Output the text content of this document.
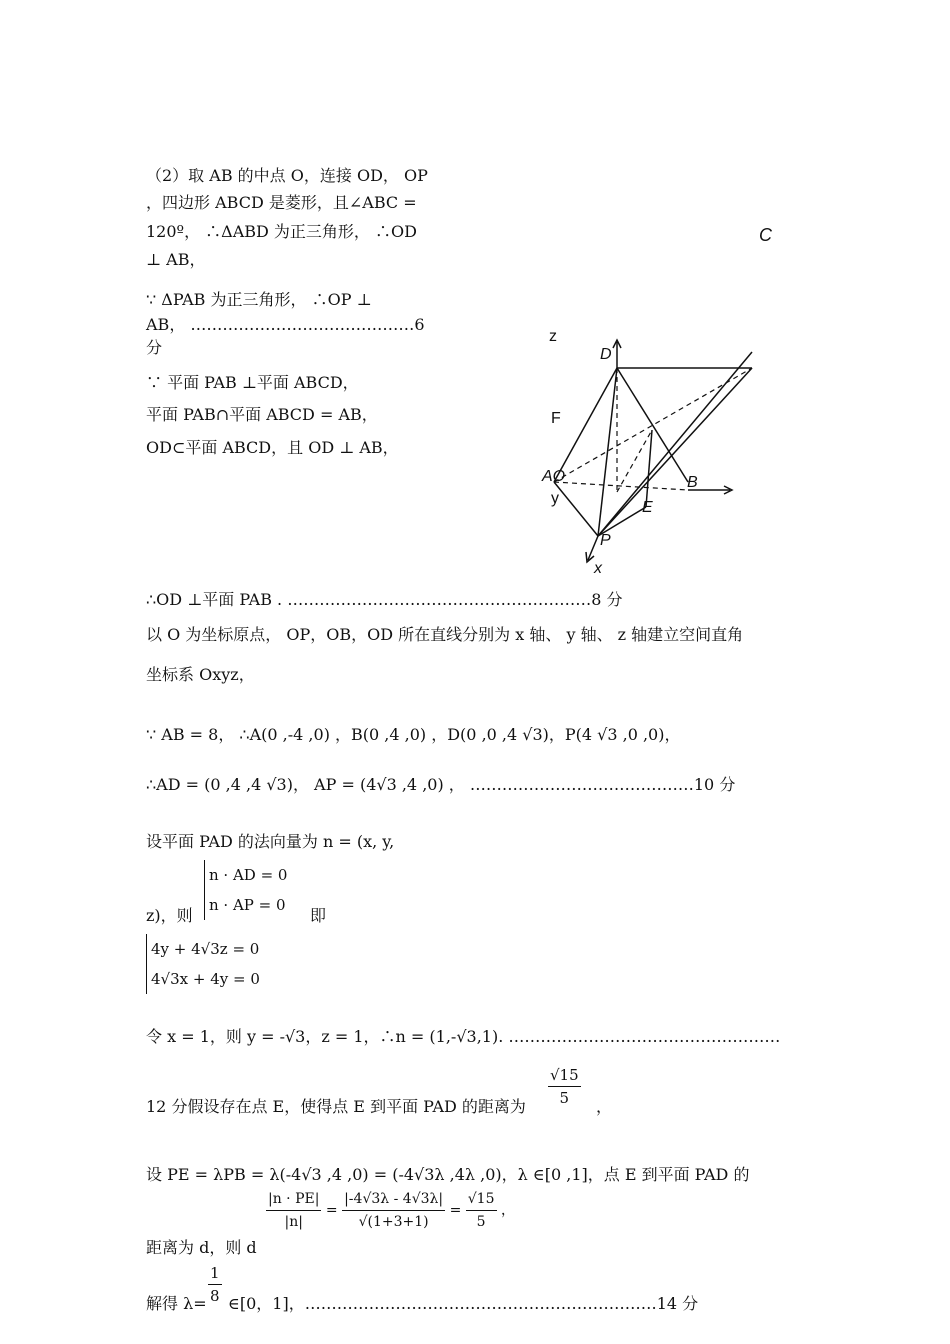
（2）取 AB 的中点 O，连接 OD， OP
，四边形 ABCD 是菱形，且∠ABC =
120º， ∴ΔABD 为正三角形， ∴OD
⊥ AB，
∵ ΔPAB 为正三角形， ∴OP ⊥
AB， ……………………………………6
分
∵ 平面 PAB ⊥平面 ABCD，
平面 PAB∩平面 ABCD = AB，
OD⊂平面 ABCD，且 OD ⊥ AB，
C
z
D
F
AO
y
E
B
P
x
∴OD ⊥平面 PAB . …………………………………………………8 分
以 O 为坐标原点， OP，OB，OD 所在直线分别为 x 轴、 y 轴、 z 轴建立空间直角
坐标系 Oxyz，
∵ AB = 8， ∴A(0 ,-4 ,0) ，B(0 ,4 ,0) ，D(0 ,0 ,4 √3)，P(4 √3 ,0 ,0)，
∴AD = (0 ,4 ,4 √3)， AP = (4√3 ,4 ,0) ， ……………………………………10 分
设平面 PAD 的法向量为 n = (x, y,
n · AD = 0
n · AP = 0
z)，则	即
4y + 4√3z = 0
4√3x + 4y = 0
令 x = 1，则 y = -√3，z = 1，∴n = (1,-√3,1). ……………………………………………
$\frac{√15}{5}$
12 分假设存在点 E，使得点 E 到平面 PAD 的距离为	，
设 PE = λPB = λ(-4√3 ,4 ,0) = (-4√3λ ,4λ ,0)，λ ∈[0 ,1]，点 E 到平面 PAD 的
$\frac{|n \cdot PE|}{|n|} = \frac{|-4√3\lambda - 4√3\lambda|}{√(1+3+1)} = \frac{√15}{5}$ ，
距离为 d，则 d
解得 $\lambda= \frac{1}{8}$ ∈[0，1]，…………………………………………………………14 分
